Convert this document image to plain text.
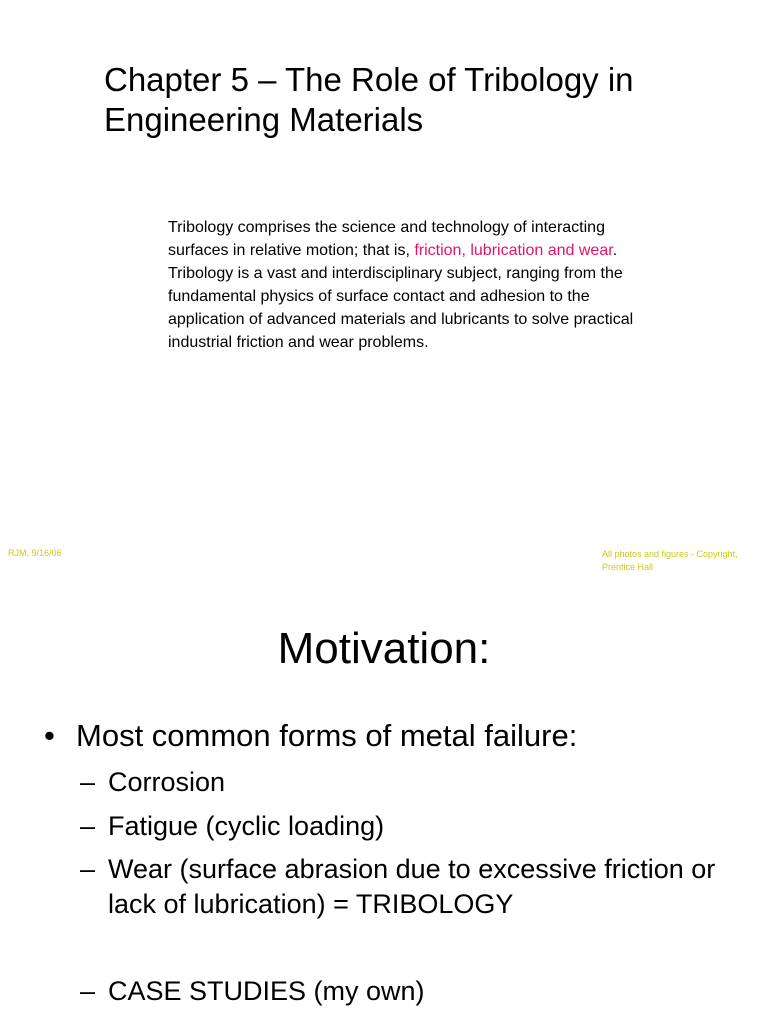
Chapter 5 – The Role of Tribology in Engineering Materials

Tribology comprises the science and technology of interacting surfaces in relative motion; that is, friction, lubrication and wear. Tribology is a vast and interdisciplinary subject, ranging from the fundamental physics of surface contact and adhesion to the application of advanced materials and lubricants to solve practical industrial friction and wear problems.

RJM, 9/16/06	All photos and figures - Copyright, Prentice Hall
Motivation:
• Most common forms of metal failure:
– Corrosion
– Fatigue (cyclic loading)
– Wear (surface abrasion due to excessive friction or lack of lubrication) = TRIBOLOGY
– CASE STUDIES (my own)
